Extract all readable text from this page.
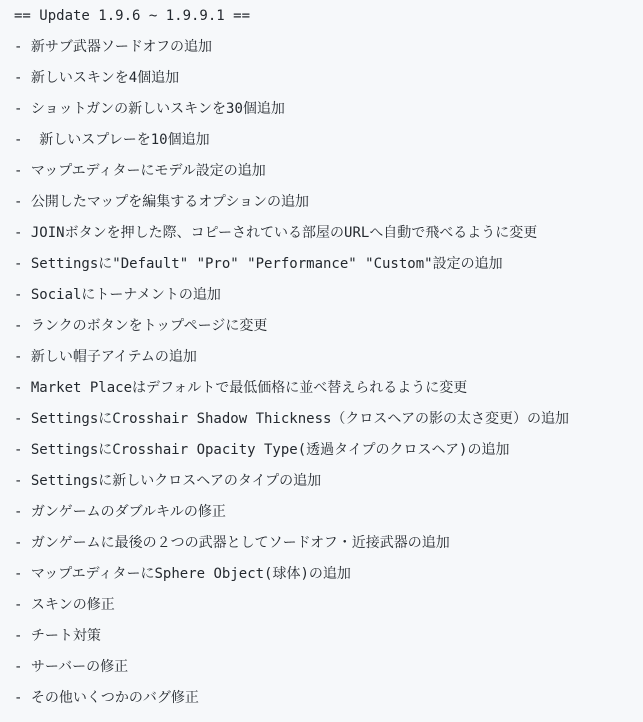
== Update 1.9.6 ~ 1.9.9.1 ==
- 新サブ武器ソードオフの追加
- 新しいスキンを4個追加
- ショットガンの新しいスキンを30個追加
-  新しいスプレーを10個追加
- マップエディターにモデル設定の追加
- 公開したマップを編集するオプションの追加
- JOINボタンを押した際、コピーされている部屋のURLへ自動で飛べるように変更
- Settingsに"Default" "Pro" "Performance" "Custom"設定の追加
- Socialにトーナメントの追加
- ランクのボタンをトップページに変更
- 新しい帽子アイテムの追加
- Market Placeはデフォルトで最低価格に並べ替えられるように変更
- SettingsにCrosshair Shadow Thickness（クロスヘアの影の太さ変更）の追加
- SettingsにCrosshair Opacity Type(透過タイプのクロスヘア)の追加
- Settingsに新しいクロスヘアのタイプの追加
- ガンゲームのダブルキルの修正
- ガンゲームに最後の２つの武器としてソードオフ・近接武器の追加
- マップエディターにSphere Object(球体)の追加
- スキンの修正
- チート対策
- サーバーの修正
- その他いくつかのバグ修正
